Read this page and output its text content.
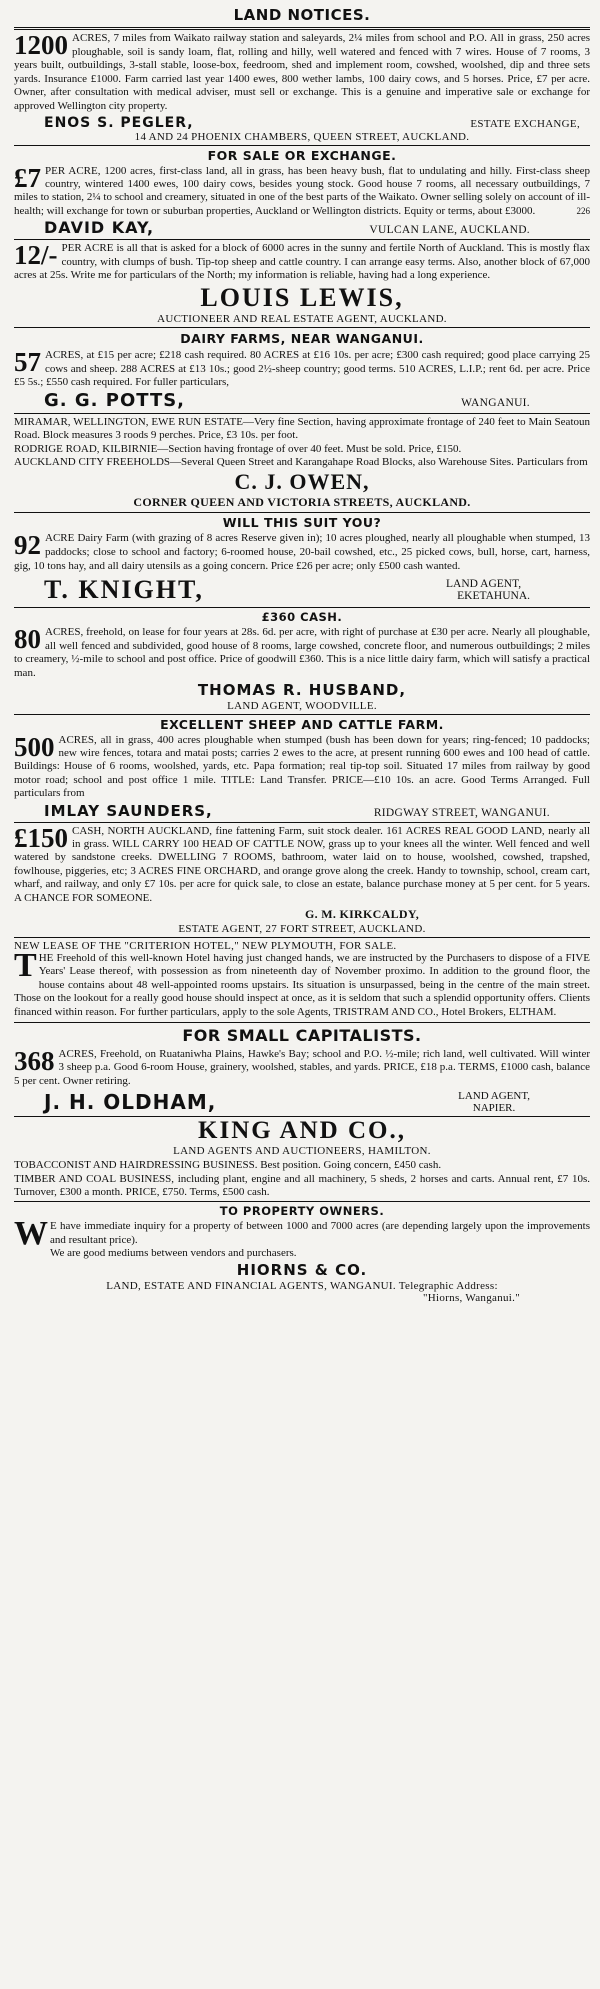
LAND NOTICES.
1200 ACRES, 7 miles from Waikato railway station and saleyards, 2¼ miles from school and P.O. All in grass, 250 acres ploughable, soil is sandy loam, flat, rolling and hilly, well watered and fenced with 7 wires. House of 7 rooms, 3 years built, outbuildings, 3-stall stable, loose-box, feedroom, shed and implement room, cowshed, woolshed, dip and three sets yards. Insurance £1000. Farm carried last year 1400 ewes, 800 wether lambs, 100 dairy cows, and 5 horses. Price, £7 per acre. Owner, after consultation with medical adviser, must sell or exchange. This is a genuine and imperative sale or exchange for approved Wellington city property.
ENOS S. PEGLER,	ESTATE EXCHANGE,
14 AND 24 PHOENIX CHAMBERS, QUEEN STREET, AUCKLAND.
FOR SALE OR EXCHANGE.
£7 PER ACRE, 1200 acres, first-class land, all in grass, has been heavy bush, flat to undulating and hilly. First-class sheep country, wintered 1400 ewes, 100 dairy cows, besides young stock. Good house 7 rooms, all necessary outbuildings, 7 miles to station, 2¼ to school and creamery, situated in one of the best parts of the Waikato. Owner selling solely on account of ill-health; will exchange for town or suburban properties, Auckland or Wellington districts. Equity or terms, about £3000.	226
DAVID KAY,	VULCAN LANE, AUCKLAND.
12/- PER ACRE is all that is asked for a block of 6000 acres in the sunny and fertile North of Auckland. This is mostly flax country, with clumps of bush. Tip-top sheep and cattle country. I can arrange easy terms. Also, another block of 67,000 acres at 25s. Write me for particulars of the North; my information is reliable, having had a long experience.
LOUIS LEWIS,
AUCTIONEER AND REAL ESTATE AGENT, AUCKLAND.
DAIRY FARMS, NEAR WANGANUI.
57 ACRES, at £15 per acre; £218 cash required. 80 ACRES at £16 10s. per acre; £300 cash required; good place carrying 25 cows and sheep. 288 ACRES at £13 10s.; good 2½-sheep country; good terms. 510 ACRES, L.I.P.; rent 6d. per acre. Price £5 5s.; £550 cash required. For fuller particulars,
G. G. POTTS,	WANGANUI.

MIRAMAR, WELLINGTON, EWE RUN ESTATE—Very fine Section, having approximate frontage of 240 feet to Main Seatoun Road. Block measures 3 roods 9 perches. Price, £3 10s. per foot.

RODRIGE ROAD, KILBIRNIE—Section having frontage of over 40 feet. Must be sold. Price, £150.

AUCKLAND CITY FREEHOLDS—Several Queen Street and Karangahape Road Blocks, also Warehouse Sites. Particulars from

C. J. OWEN,
CORNER QUEEN AND VICTORIA STREETS, AUCKLAND.
WILL THIS SUIT YOU?
92 ACRE Dairy Farm (with grazing of 8 acres Reserve given in); 10 acres ploughed, nearly all ploughable when stumped, 13 paddocks; close to school and factory; 6-roomed house, 20-bail cowshed, etc., 25 picked cows, bull, horse, cart, harness, gig, 10 tons hay, and all dairy utensils as a going concern. Price £26 per acre; only £500 cash wanted.
T. KNIGHT,	LAND AGENT,
EKETAHUNA.
£360 CASH.
80 ACRES, freehold, on lease for four years at 28s. 6d. per acre, with right of purchase at £30 per acre. Nearly all ploughable, all well fenced and subdivided, good house of 8 rooms, large cowshed, concrete floor, and numerous outbuildings; 2 miles to creamery, ½-mile to school and post office. Price of goodwill £360. This is a nice little dairy farm, which will satisfy a practical man.
THOMAS R. HUSBAND,
LAND AGENT, WOODVILLE.
EXCELLENT SHEEP AND CATTLE FARM.
500 ACRES, all in grass, 400 acres ploughable when stumped (bush has been down for years; ring-fenced; 10 paddocks; new wire fences, totara and matai posts; carries 2 ewes to the acre, at present running 600 ewes and 100 head of cattle. Buildings: House of 6 rooms, woolshed, yards, etc. Papa formation; real tip-top soil. Situated 17 miles from railway by good motor road; school and post office 1 mile. TITLE: Land Transfer. PRICE—£10 10s. an acre. Good Terms Arranged. Full particulars from
IMLAY SAUNDERS,	RIDGWAY STREET, WANGANUI.
£150 CASH, NORTH AUCKLAND, fine fattening Farm, suit stock dealer. 161 ACRES REAL GOOD LAND, nearly all in grass. WILL CARRY 100 HEAD OF CATTLE NOW, grass up to your knees all the winter. Well fenced and well watered by sandstone creeks. DWELLING 7 ROOMS, bathroom, water laid on to house, woolshed, cowshed, trapshed, fowlhouse, piggeries, etc; 3 ACRES FINE ORCHARD, and orange grove along the creek. Handy to township, school, cream cart, wharf, and railway, and only £7 10s. per acre for quick sale, to close an estate, balance purchase money at 5 per cent. for 5 years. A CHANCE FOR SOMEONE.
G. M. KIRKCALDY,
ESTATE AGENT, 27 FORT STREET, AUCKLAND.
NEW LEASE OF THE "CRITERION HOTEL," NEW PLYMOUTH, FOR SALE.
THE Freehold of this well-known Hotel having just changed hands, we are instructed by the Purchasers to dispose of a FIVE Years' Lease thereof, with possession as from nineteenth day of November proximo. In addition to the ground floor, the house contains about 48 well-appointed rooms upstairs. Its situation is unsurpassed, being in the centre of the main street. Those on the lookout for a really good house should inspect at once, as it is seldom that such a splendid opportunity offers. Clients financed within reason. For further particulars, apply to the sole Agents, TRISTRAM AND CO., Hotel Brokers, ELTHAM.
FOR SMALL CAPITALISTS.
368 ACRES, Freehold, on Ruataniwha Plains, Hawke's Bay; school and P.O. ½-mile; rich land, well cultivated. Will winter 3 sheep p.a. Good 6-room House, grainery, woolshed, stables, and yards. PRICE, £18 p.a. TERMS, £1000 cash, balance 5 per cent. Owner retiring.
J. H. OLDHAM,	LAND AGENT,
NAPIER.
KING AND CO.,
LAND AGENTS AND AUCTIONEERS, HAMILTON.

TOBACCONIST AND HAIRDRESSING BUSINESS. Best position. Going concern, £450 cash.

TIMBER AND COAL BUSINESS, including plant, engine and all machinery, 5 sheds, 2 horses and carts. Annual rent, £7 10s. Turnover, £300 a month. PRICE, £750. Terms, £500 cash.

TO PROPERTY OWNERS.
WE have immediate inquiry for a property of between 1000 and 7000 acres (are depending largely upon the improvements and resultant price).
We are good mediums between vendors and purchasers.
HIORNS & CO.
LAND, ESTATE AND FINANCIAL AGENTS, WANGANUI. Telegraphic Address:
"Hiorns, Wanganui."
